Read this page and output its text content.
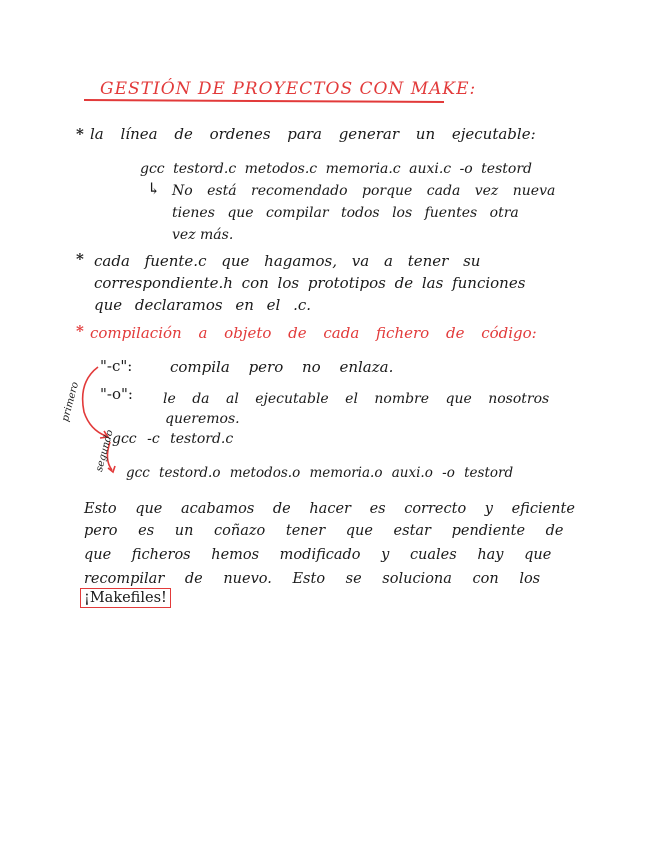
GESTIÓN DE PROYECTOS CON MAKE:
* la línea de ordenes para generar un ejecutable:
gcc testord.c metodos.c memoria.c auxi.c -o testord
↳ No está recomendado porque cada vez nueva
tienes que compilar todos los fuentes otra
vez más.
* cada fuente.c que hagamos, va a tener su
correspondiente.h con los prototipos de las funciones
que declaramos en el .c.
* compilación a objeto de cada fichero de código:
"-c":	compila pero no enlaza.
"-o": le da al ejecutable el nombre que nosotros
queremos.
primero
segundo
gcc -c testord.c
gcc testord.o metodos.o memoria.o auxi.o -o testord
Esto que acabamos de hacer es correcto y eficiente
pero es un coñazo tener que estar pendiente de
que ficheros hemos modificado y cuales hay que
recompilar de nuevo. Esto se soluciona con los
¡Makefiles!
